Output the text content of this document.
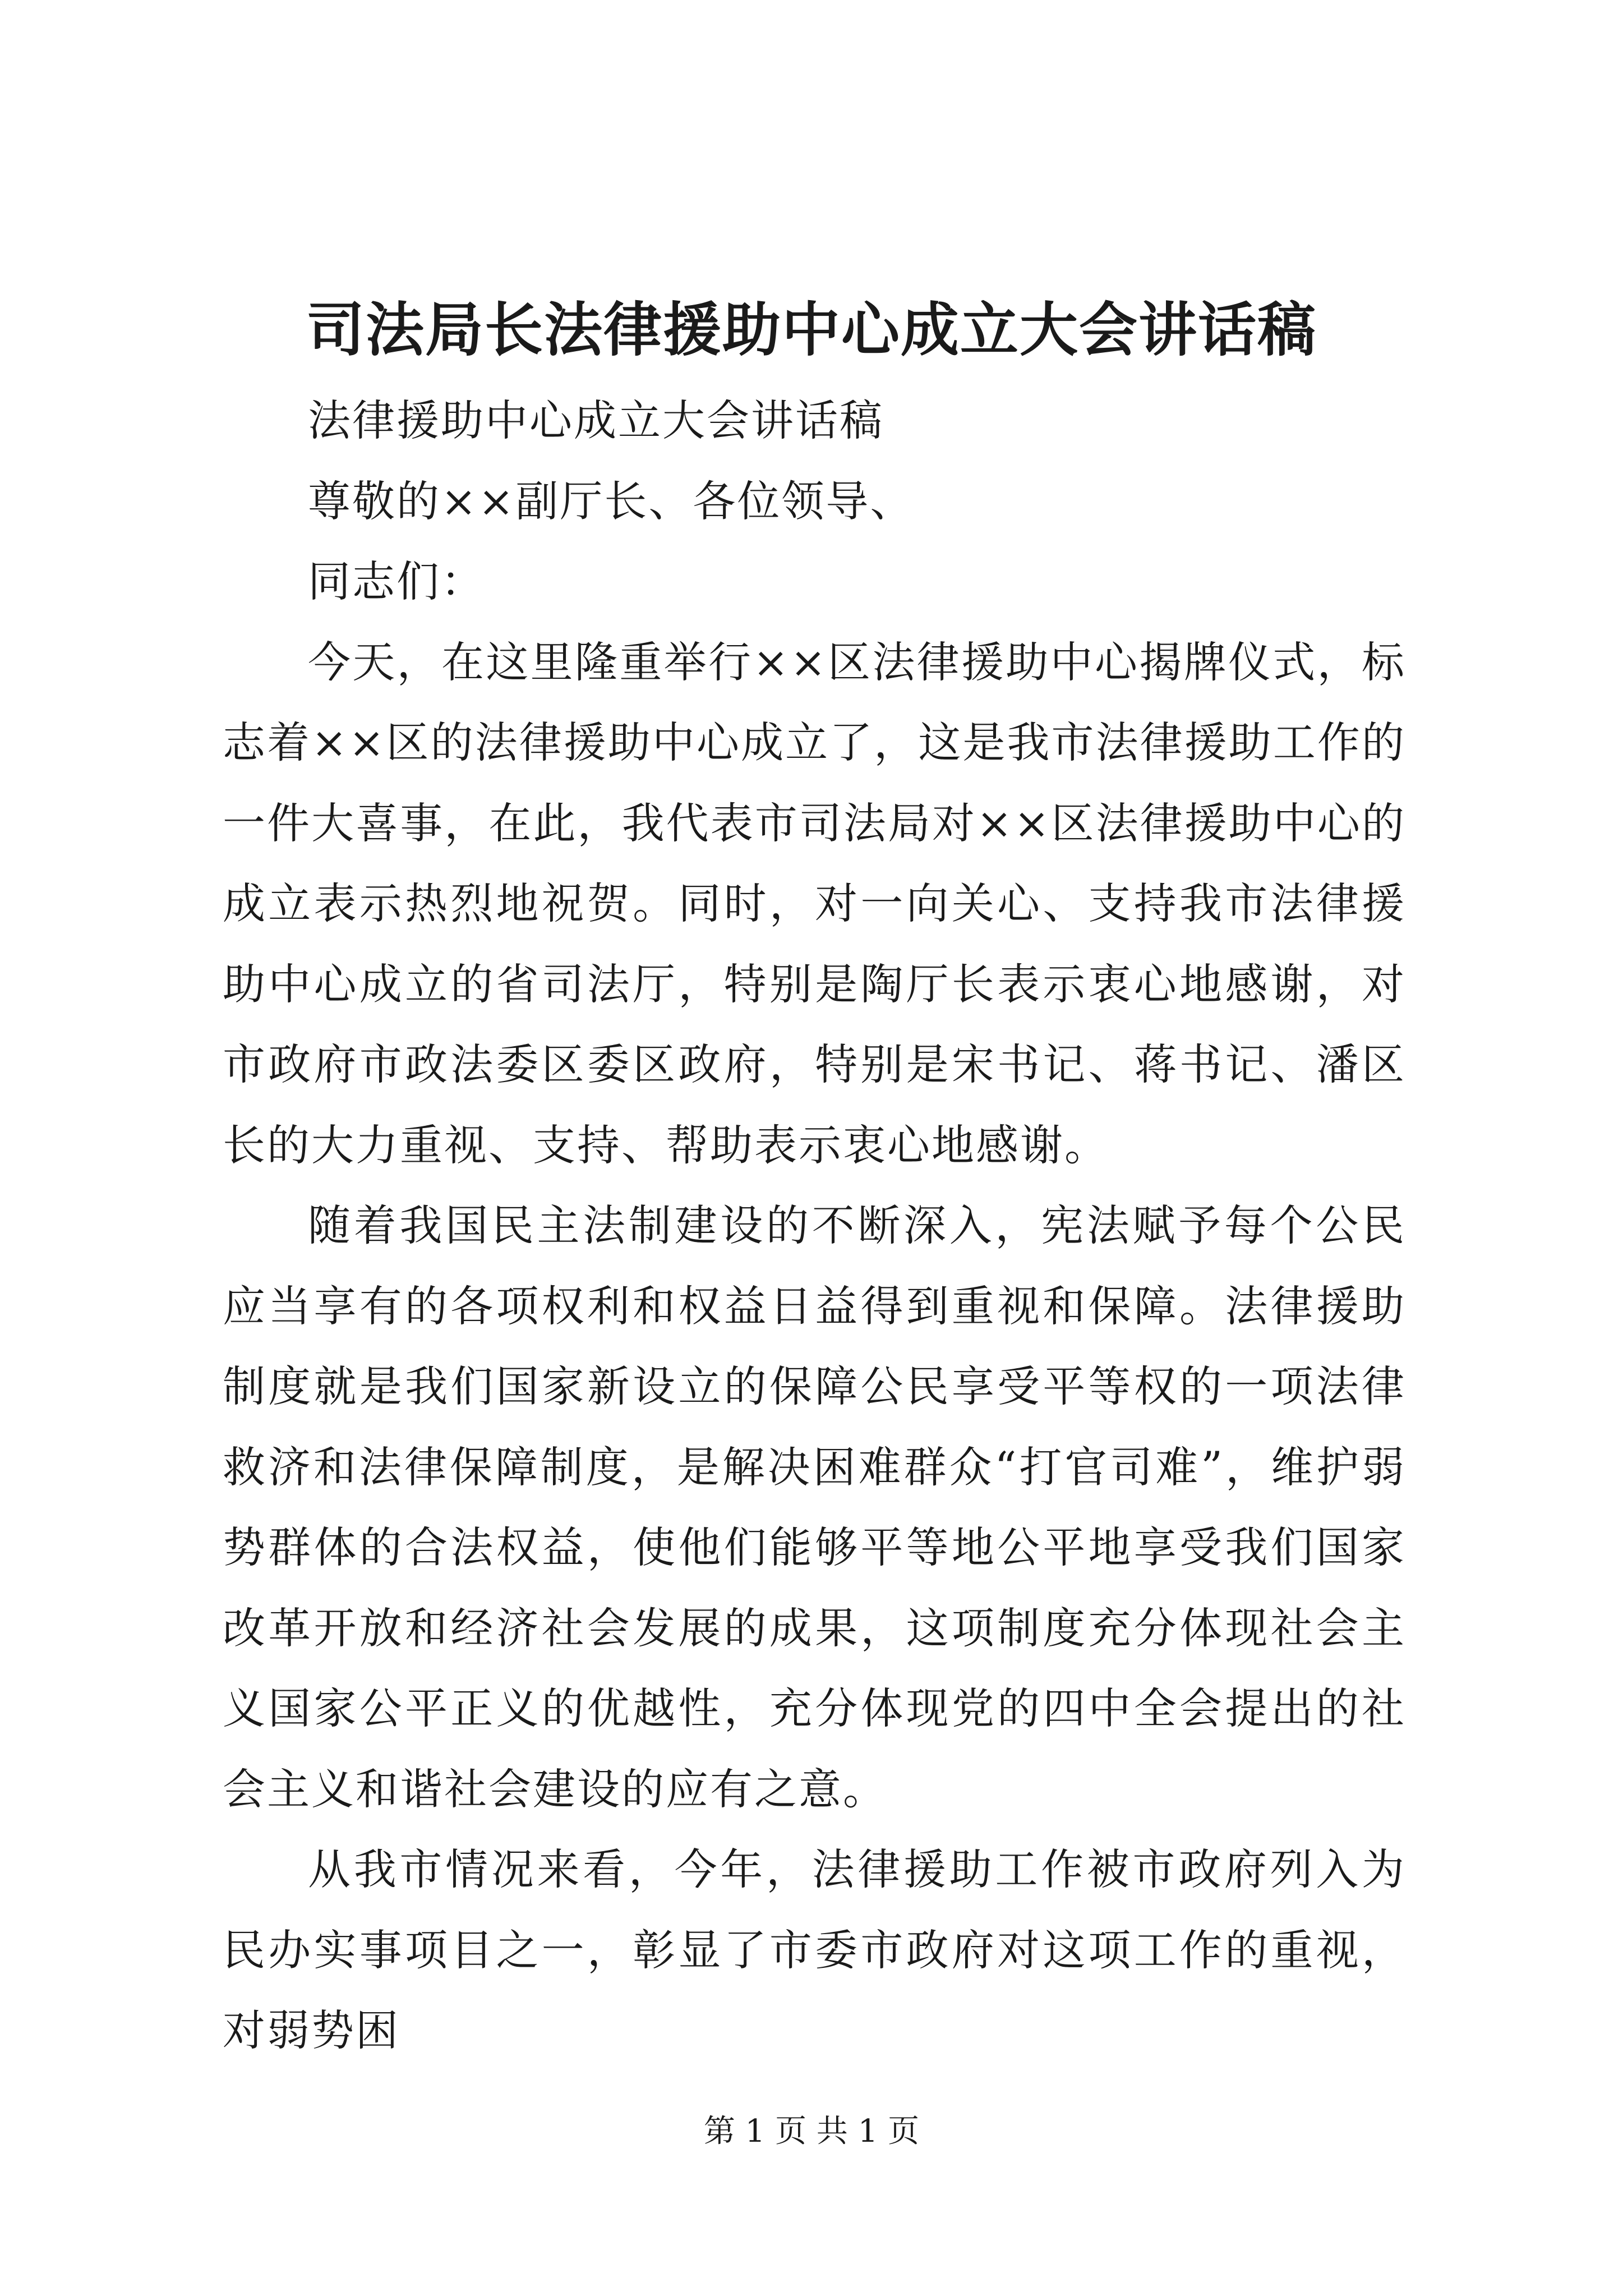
司法局长法律援助中心成立大会讲话稿

法律援助中心成立大会讲话稿

尊敬的××副厅长、各位领导、

同志们：

今天，在这里隆重举行××区法律援助中心揭牌仪式，标志着××区的法律援助中心成立了，这是我市法律援助工作的一件大喜事，在此，我代表市司法局对××区法律援助中心的成立表示热烈地祝贺。同时，对一向关心、支持我市法律援助中心成立的省司法厅，特别是陶厅长表示衷心地感谢，对市政府市政法委区委区政府，特别是宋书记、蒋书记、潘区长的大力重视、支持、帮助表示衷心地感谢。

随着我国民主法制建设的不断深入，宪法赋予每个公民应当享有的各项权利和权益日益得到重视和保障。法律援助制度就是我们国家新设立的保障公民享受平等权的一项法律救济和法律保障制度，是解决困难群众“打官司难”，维护弱势群体的合法权益，使他们能够平等地公平地享受我们国家改革开放和经济社会发展的成果，这项制度充分体现社会主义国家公平正义的优越性，充分体现党的四中全会提出的社会主义和谐社会建设的应有之意。

从我市情况来看，今年，法律援助工作被市政府列入为民办实事项目之一，彰显了市委市政府对这项工作的重视，对弱势困

第 1 页 共 1 页
